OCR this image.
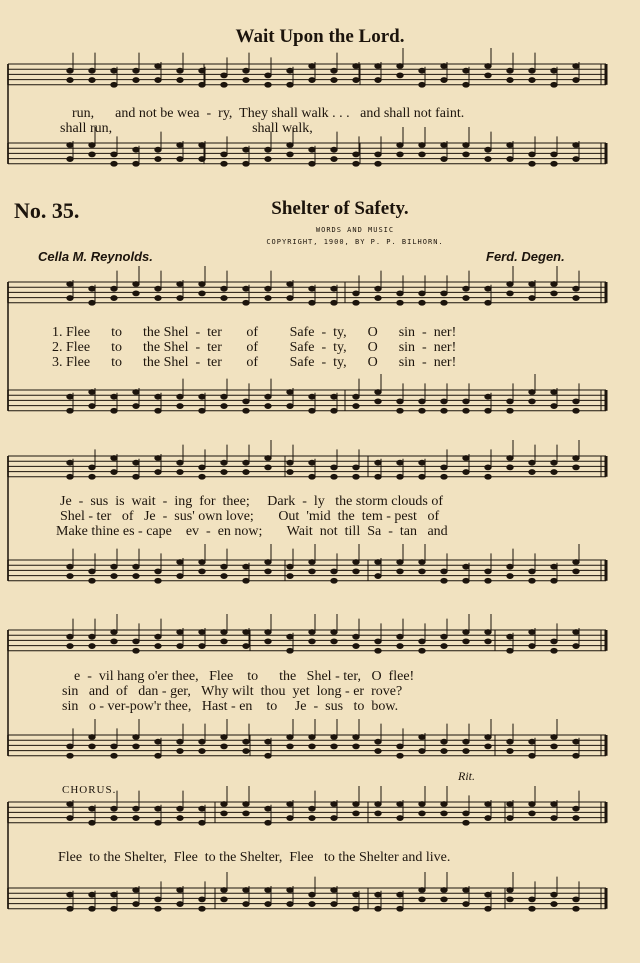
Wait Upon the Lord.
run,      and not be wea  -  ry,  They shall walk . . .   and shall not faint.
shall run,                                        shall walk,
No. 35.	Shelter of Safety.
WORDS AND MUSIC
COPYRIGHT, 1900, BY P. P. BILHORN.
Cella M. Reynolds.	Ferd. Degen.
1. Flee      to      the Shel  -  ter       of         Safe  -  ty,      O      sin  -  ner!
2. Flee      to      the Shel  -  ter       of         Safe  -  ty,      O      sin  -  ner!
3. Flee      to      the Shel  -  ter       of         Safe  -  ty,      O      sin  -  ner!
Je  -  sus  is  wait  -  ing  for  thee;     Dark  -  ly   the storm clouds of
Shel - ter   of   Je  -  sus' own love;       Out  'mid  the  tem - pest   of
Make thine es - cape    ev  -  en now;       Wait  not  till  Sa  -  tan   and
e  -  vil hang o'er thee,   Flee    to      the   Shel - ter,   O  flee!
sin   and  of   dan - ger,   Why wilt  thou  yet  long - er  rove?
sin   o - ver-pow'r thee,   Hast - en    to     Je  -  sus   to  bow.
CHORUS.
Rit.
Flee  to the Shelter,  Flee  to the Shelter,  Flee   to the Shelter and live.
